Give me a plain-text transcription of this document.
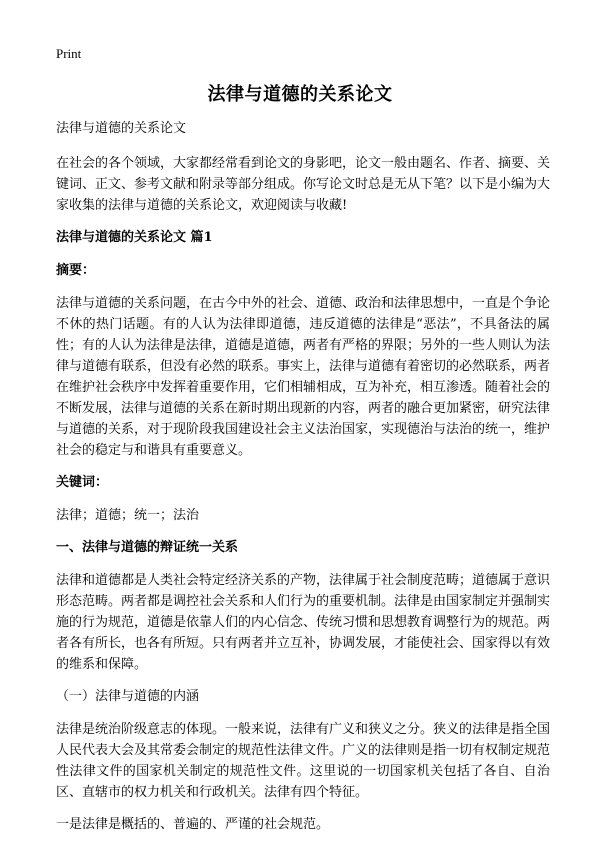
Print
法律与道德的关系论文

法律与道德的关系论文

在社会的各个领域，大家都经常看到论文的身影吧，论文一般由题名、作者、摘要、关键词、正文、参考文献和附录等部分组成。你写论文时总是无从下笔？以下是小编为大家收集的法律与道德的关系论文，欢迎阅读与收藏!

法律与道德的关系论文 篇1

摘要：

法律与道德的关系问题，在古今中外的社会、道德、政治和法律思想中，一直是个争论不休的热门话题。有的人认为法律即道德，违反道德的法律是“恶法”，不具备法的属性；有的人认为法律是法律，道德是道德，两者有严格的界限；另外的一些人则认为法律与道德有联系，但没有必然的联系。事实上，法律与道德有着密切的必然联系，两者在维护社会秩序中发挥着重要作用，它们相辅相成，互为补充，相互渗透。随着社会的不断发展，法律与道德的关系在新时期出现新的内容，两者的融合更加紧密，研究法律与道德的关系，对于现阶段我国建设社会主义法治国家，实现德治与法治的统一，维护社会的稳定与和谐具有重要意义。

关键词：

法律；道德；统一；法治

一、法律与道德的辩证统一关系

法律和道德都是人类社会特定经济关系的产物，法律属于社会制度范畴；道德属于意识形态范畴。两者都是调控社会关系和人们行为的重要机制。法律是由国家制定并强制实施的行为规范，道德是依靠人们的内心信念、传统习惯和思想教育调整行为的规范。两者各有所长，也各有所短。只有两者并立互补，协调发展，才能使社会、国家得以有效的维系和保障。

（一）法律与道德的内涵

法律是统治阶级意志的体现。一般来说，法律有广义和狭义之分。狭义的法律是指全国人民代表大会及其常委会制定的规范性法律文件。广义的法律则是指一切有权制定规范性法律文件的国家机关制定的规范性文件。这里说的一切国家机关包括了各自、自治区、直辖市的权力机关和行政机关。法律有四个特征。

一是法律是概括的、普遍的、严谨的社会规范。
